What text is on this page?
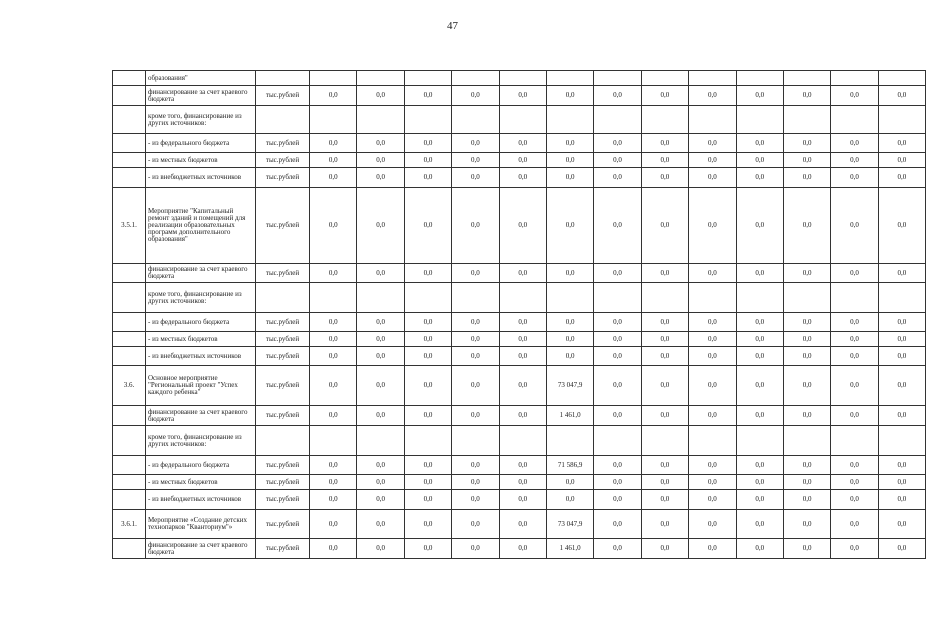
47
	образования"														
	финансирование за счет краевого бюджета	тыс.рублей	0,0	0,0	0,0	0,0	0,0	0,0	0,0	0,0	0,0	0,0	0,0	0,0	0,0
	кроме того, финансирование из других источников:														
	- из федерального бюджета	тыс.рублей	0,0	0,0	0,0	0,0	0,0	0,0	0,0	0,0	0,0	0,0	0,0	0,0	0,0
	- из местных бюджетов	тыс.рублей	0,0	0,0	0,0	0,0	0,0	0,0	0,0	0,0	0,0	0,0	0,0	0,0	0,0
	- из внебюджетных источников	тыс.рублей	0,0	0,0	0,0	0,0	0,0	0,0	0,0	0,0	0,0	0,0	0,0	0,0	0,0
3.5.1.	Мероприятие "Капитальный ремонт зданий и помещений для реализации образовательных программ дополнительного образования"	тыс.рублей	0,0	0,0	0,0	0,0	0,0	0,0	0,0	0,0	0,0	0,0	0,0	0,0	0,0
	финансирование за счет краевого бюджета	тыс.рублей	0,0	0,0	0,0	0,0	0,0	0,0	0,0	0,0	0,0	0,0	0,0	0,0	0,0
	кроме того, финансирование из других источников:														
	- из федерального бюджета	тыс.рублей	0,0	0,0	0,0	0,0	0,0	0,0	0,0	0,0	0,0	0,0	0,0	0,0	0,0
	- из местных бюджетов	тыс.рублей	0,0	0,0	0,0	0,0	0,0	0,0	0,0	0,0	0,0	0,0	0,0	0,0	0,0
	- из внебюджетных источников	тыс.рублей	0,0	0,0	0,0	0,0	0,0	0,0	0,0	0,0	0,0	0,0	0,0	0,0	0,0
3.6.	Основное мероприятие "Региональный проект "Успех каждого ребенка"	тыс.рублей	0,0	0,0	0,0	0,0	0,0	73 047,9	0,0	0,0	0,0	0,0	0,0	0,0	0,0
	финансирование за счет краевого бюджета	тыс.рублей	0,0	0,0	0,0	0,0	0,0	1 461,0	0,0	0,0	0,0	0,0	0,0	0,0	0,0
	кроме того, финансирование из других источников:														
	- из федерального бюджета	тыс.рублей	0,0	0,0	0,0	0,0	0,0	71 586,9	0,0	0,0	0,0	0,0	0,0	0,0	0,0
	- из местных бюджетов	тыс.рублей	0,0	0,0	0,0	0,0	0,0	0,0	0,0	0,0	0,0	0,0	0,0	0,0	0,0
	- из внебюджетных источников	тыс.рублей	0,0	0,0	0,0	0,0	0,0	0,0	0,0	0,0	0,0	0,0	0,0	0,0	0,0
3.6.1.	Мероприятие «Создание детских технопарков "Кванториум"»	тыс.рублей	0,0	0,0	0,0	0,0	0,0	73 047,9	0,0	0,0	0,0	0,0	0,0	0,0	0,0
	финансирование за счет краевого бюджета	тыс.рублей	0,0	0,0	0,0	0,0	0,0	1 461,0	0,0	0,0	0,0	0,0	0,0	0,0	0,0
